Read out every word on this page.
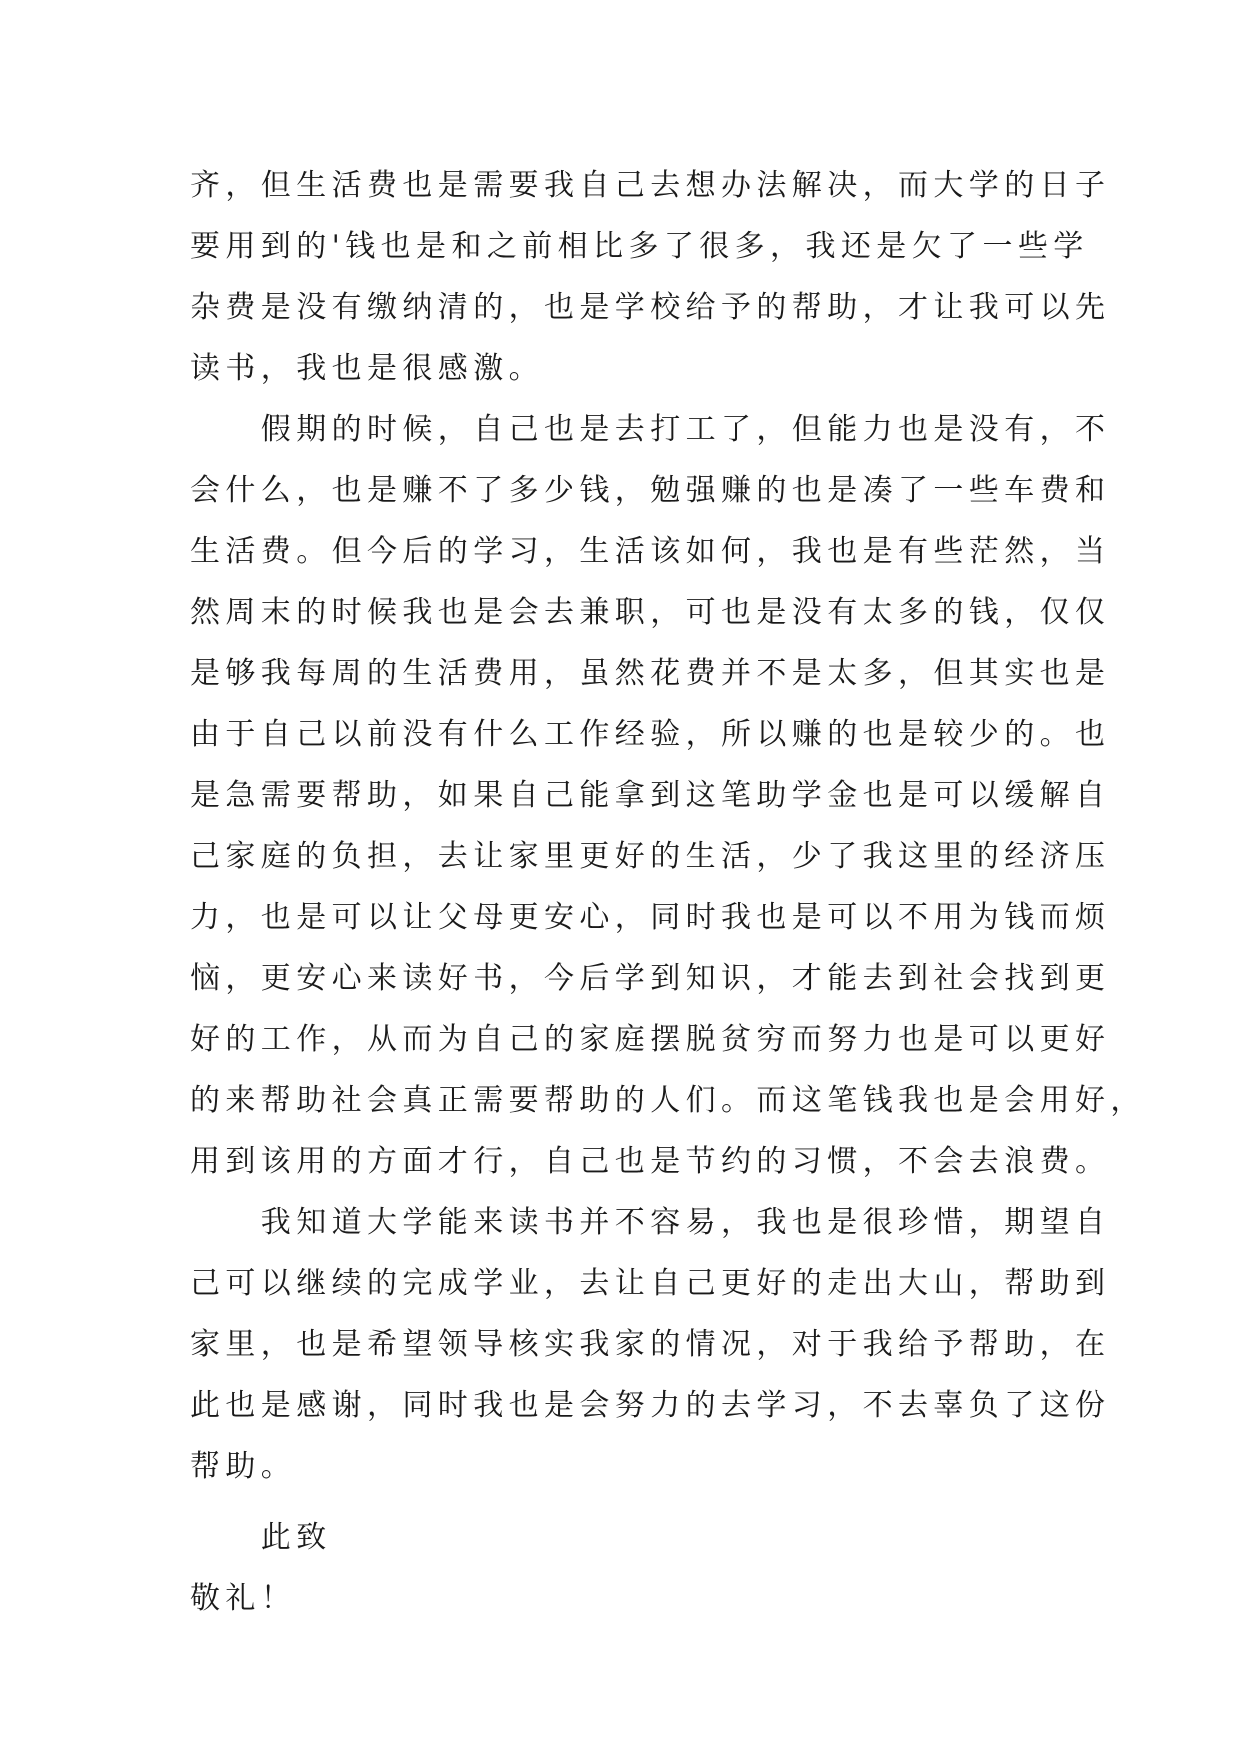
齐，但生活费也是需要我自己去想办法解决，而大学的日子
要用到的'钱也是和之前相比多了很多，我还是欠了一些学
杂费是没有缴纳清的，也是学校给予的帮助，才让我可以先
读书，我也是很感激。
　　假期的时候，自己也是去打工了，但能力也是没有，不
会什么，也是赚不了多少钱，勉强赚的也是凑了一些车费和
生活费。但今后的学习，生活该如何，我也是有些茫然，当
然周末的时候我也是会去兼职，可也是没有太多的钱，仅仅
是够我每周的生活费用，虽然花费并不是太多，但其实也是
由于自己以前没有什么工作经验，所以赚的也是较少的。也
是急需要帮助，如果自己能拿到这笔助学金也是可以缓解自
己家庭的负担，去让家里更好的生活，少了我这里的经济压
力，也是可以让父母更安心，同时我也是可以不用为钱而烦
恼，更安心来读好书，今后学到知识，才能去到社会找到更
好的工作，从而为自己的家庭摆脱贫穷而努力也是可以更好
的来帮助社会真正需要帮助的人们。而这笔钱我也是会用好，
用到该用的方面才行，自己也是节约的习惯，不会去浪费。
　　我知道大学能来读书并不容易，我也是很珍惜，期望自
己可以继续的完成学业，去让自己更好的走出大山，帮助到
家里，也是希望领导核实我家的情况，对于我给予帮助，在
此也是感谢，同时我也是会努力的去学习，不去辜负了这份
帮助。
　　此致
敬礼！
